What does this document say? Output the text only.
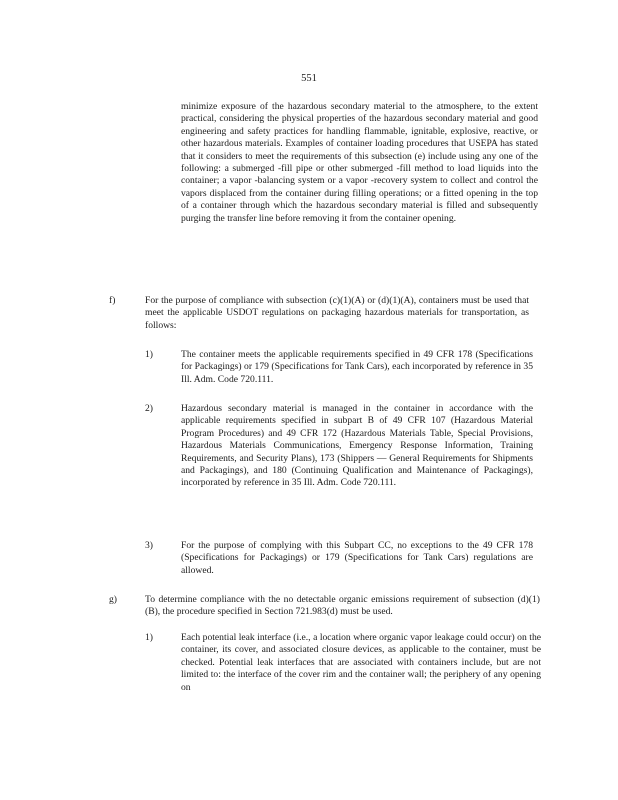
551
minimize exposure of the hazardous secondary material to the atmosphere, to the extent practical, considering the physical properties of the hazardous secondary material and good engineering and safety practices for handling flammable, ignitable, explosive, reactive, or other hazardous materials. Examples of container loading procedures that USEPA has stated that it considers to meet the requirements of this subsection (e) include using any one of the following: a submerged -fill pipe or other submerged -fill method to load liquids into the container; a vapor -balancing system or a vapor -recovery system to collect and control the vapors displaced from the container during filling operations; or a fitted opening in the top of a container through which the hazardous secondary material is filled and subsequently purging the transfer line before removing it from the container opening.
f)	For the purpose of compliance with subsection (c)(1)(A) or (d)(1)(A), containers must be used that meet the applicable USDOT regulations on packaging hazardous materials for transportation, as follows:
1)	The container meets the applicable requirements specified in 49 CFR 178 (Specifications for Packagings) or 179 (Specifications for Tank Cars), each incorporated by reference in 35 Ill. Adm. Code 720.111.
2)	Hazardous secondary material is managed in the container in accordance with the applicable requirements specified in subpart B of 49 CFR 107 (Hazardous Material Program Procedures) and 49 CFR 172 (Hazardous Materials Table, Special Provisions, Hazardous Materials Communications, Emergency Response Information, Training Requirements, and Security Plans), 173 (Shippers — General Requirements for Shipments and Packagings), and 180 (Continuing Qualification and Maintenance of Packagings), incorporated by reference in 35 Ill. Adm. Code 720.111.
3)	For the purpose of complying with this Subpart CC, no exceptions to the 49 CFR 178 (Specifications for Packagings) or 179 (Specifications for Tank Cars) regulations are allowed.
g)	To determine compliance with the no detectable organic emissions requirement of subsection (d)(1)(B), the procedure specified in Section 721.983(d) must be used.
1)	Each potential leak interface (i.e., a location where organic vapor leakage could occur) on the container, its cover, and associated closure devices, as applicable to the container, must be checked. Potential leak interfaces that are associated with containers include, but are not limited to: the interface of the cover rim and the container wall; the periphery of any opening on
